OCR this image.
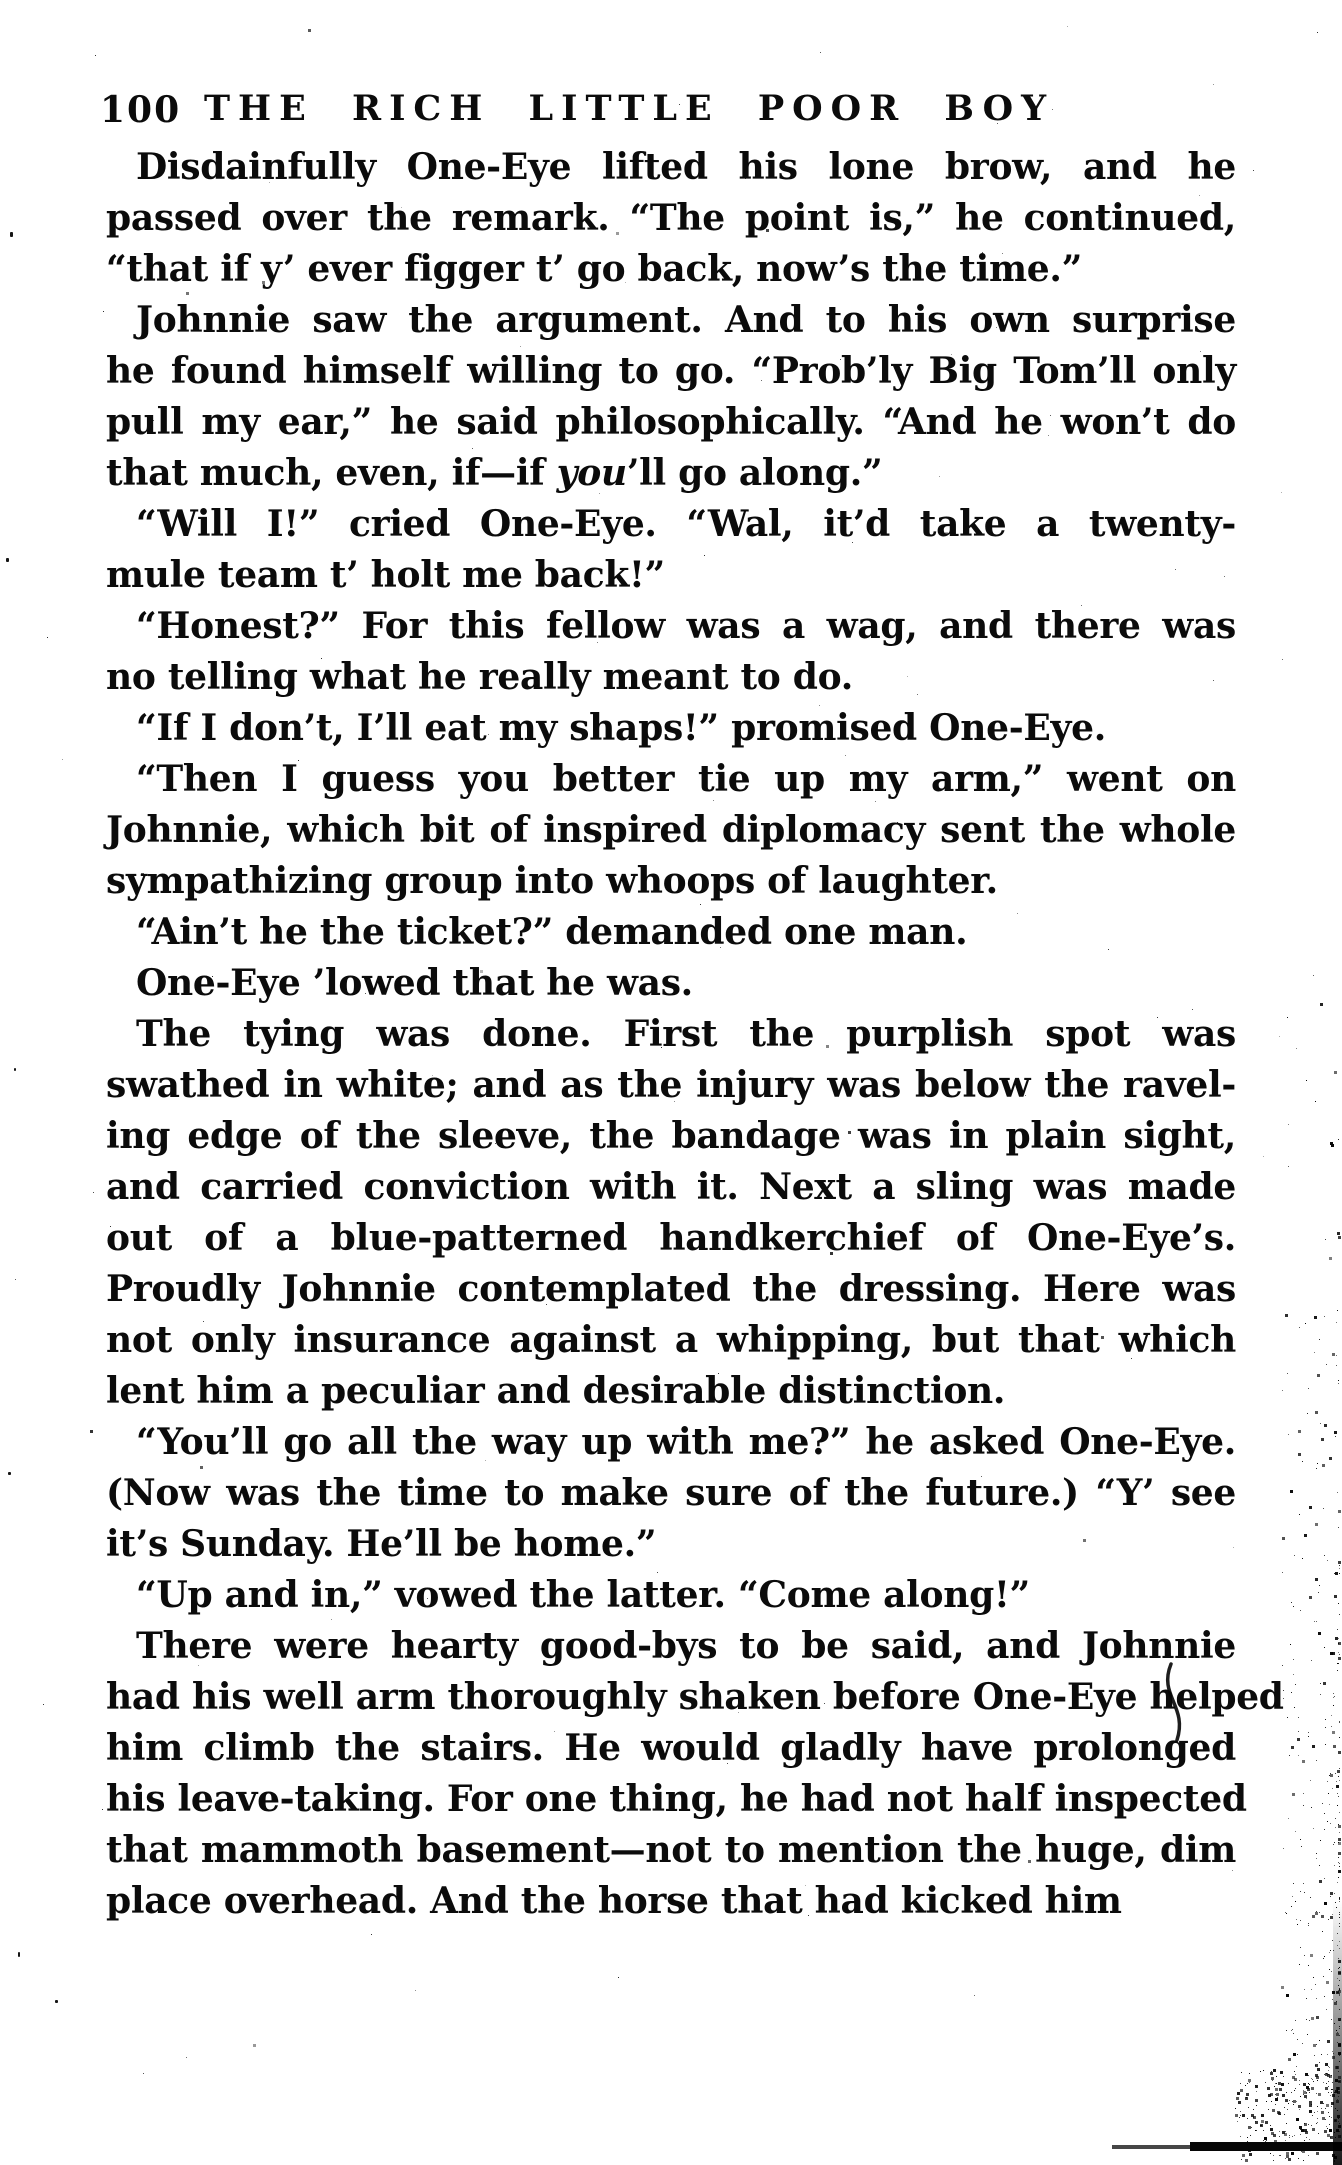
100 THE RICH LITTLE POOR BOY
Disdainfully One-Eye lifted his lone brow, and he
passed over the remark. “The point is,” he continued,
“that if y’ ever figger t’ go back, now’s the time.”
Johnnie saw the argument. And to his own surprise
he found himself willing to go. “Prob’ly Big Tom’ll only
pull my ear,” he said philosophically. “And he won’t do
that much, even, if—if you’ll go along.”
“Will I!” cried One-Eye. “Wal, it’d take a twenty-
mule team t’ holt me back!”
“Honest?” For this fellow was a wag, and there was
no telling what he really meant to do.
“If I don’t, I’ll eat my shaps!” promised One-Eye.
“Then I guess you better tie up my arm,” went on
Johnnie, which bit of inspired diplomacy sent the whole
sympathizing group into whoops of laughter.
“Ain’t he the ticket?” demanded one man.
One-Eye ’lowed that he was.
The tying was done. First the purplish spot was
swathed in white; and as the injury was below the ravel-
ing edge of the sleeve, the bandage was in plain sight,
and carried conviction with it. Next a sling was made
out of a blue-patterned handkerchief of One-Eye’s.
Proudly Johnnie contemplated the dressing. Here was
not only insurance against a whipping, but that which
lent him a peculiar and desirable distinction.
“You’ll go all the way up with me?” he asked One-Eye.
(Now was the time to make sure of the future.) “Y’ see
it’s Sunday. He’ll be home.”
“Up and in,” vowed the latter. “Come along!”
There were hearty good-bys to be said, and Johnnie
had his well arm thoroughly shaken before One-Eye helped
him climb the stairs. He would gladly have prolonged
his leave-taking. For one thing, he had not half inspected
that mammoth basement—not to mention the huge, dim
place overhead. And the horse that had kicked him
